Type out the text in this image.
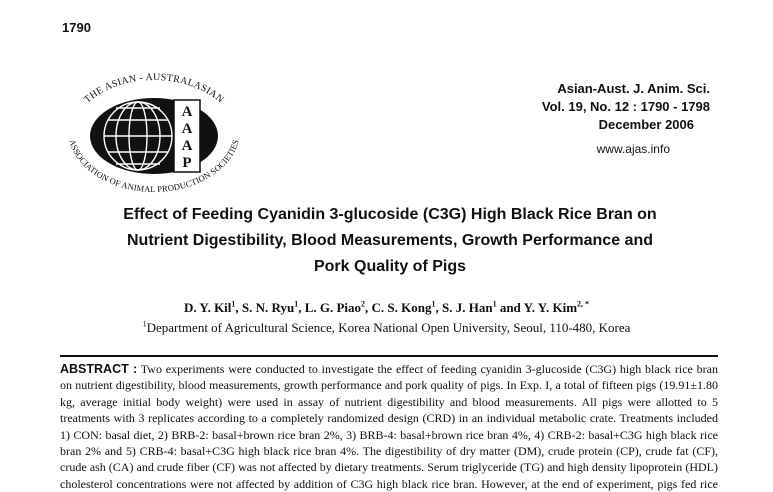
1790
A
A
A
P
THE ASIAN - AUSTRALASIAN
ASSOCIATION OF ANIMAL PRODUCTION SOCIETIES
Asian-Aust. J. Anim. Sci.
Vol. 19, No. 12 : 1790 - 1798
December 2006
www.ajas.info
Effect of Feeding Cyanidin 3-glucoside (C3G) High Black Rice Bran on
Nutrient Digestibility, Blood Measurements, Growth Performance and
Pork Quality of Pigs
D. Y. Kil$^1$, S. N. Ryu$^1$, L. G. Piao$^2$, C. S. Kong$^1$, S. J. Han$^1$ and Y. Y. Kim$^{2, *}$
$^1$Department of Agricultural Science, Korea National Open University, Seoul, 110-480, Korea
ABSTRACT : Two experiments were conducted to investigate the effect of feeding cyanidin 3-glucoside (C3G) high black rice bran
on nutrient digestibility, blood measurements, growth performance and pork quality of pigs. In Exp. I, a total of fifteen pigs (19.91±1.80
kg, average initial body weight) were used in assay of nutrient digestibility and blood measurements. All pigs were allotted to 5
treatments with 3 replicates according to a completely randomized design (CRD) in an individual metabolic crate. Treatments included
1) CON: basal diet, 2) BRB-2: basal+brown rice bran 2%, 3) BRB-4: basal+brown rice bran 4%, 4) CRB-2: basal+C3G high black rice
bran 2% and 5) CRB-4: basal+C3G high black rice bran 4%. The digestibility of dry matter (DM), crude protein (CP), crude fat (CF),
crude ash (CA) and crude fiber (CF) was not affected by dietary treatments. Serum triglyceride (TG) and high density lipoprotein (HDL)
cholesterol concentrations were not affected by addition of C3G high black rice bran. However, at the end of experiment, pigs fed rice
